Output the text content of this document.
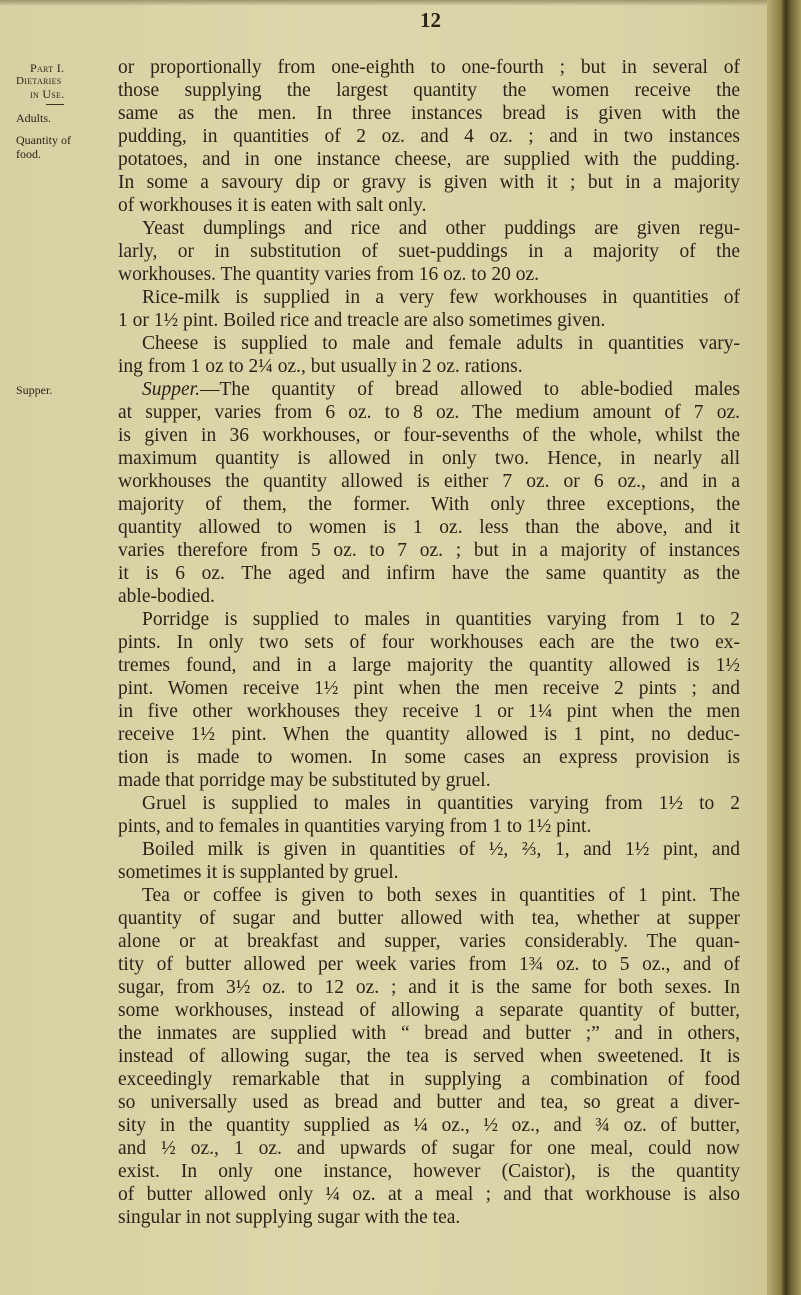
12
Part I.
Dietaries
in Use.
Adults.
Quantity of
food.
Supper.
or proportionally from one-eighth to one-fourth ; but in several of
those supplying the largest quantity the women receive the
same as the men. In three instances bread is given with the
pudding, in quantities of 2 oz. and 4 oz. ; and in two instances
potatoes, and in one instance cheese, are supplied with the pudding.
In some a savoury dip or gravy is given with it ; but in a majority
of workhouses it is eaten with salt only.
Yeast dumplings and rice and other puddings are given regu-
larly, or in substitution of suet-puddings in a majority of the
workhouses. The quantity varies from 16 oz. to 20 oz.
Rice-milk is supplied in a very few workhouses in quantities of
1 or 1½ pint. Boiled rice and treacle are also sometimes given.
Cheese is supplied to male and female adults in quantities vary-
ing from 1 oz to 2¼ oz., but usually in 2 oz. rations.
Supper.—The quantity of bread allowed to able-bodied males
at supper, varies from 6 oz. to 8 oz. The medium amount of 7 oz.
is given in 36 workhouses, or four-sevenths of the whole, whilst the
maximum quantity is allowed in only two. Hence, in nearly all
workhouses the quantity allowed is either 7 oz. or 6 oz., and in a
majority of them, the former. With only three exceptions, the
quantity allowed to women is 1 oz. less than the above, and it
varies therefore from 5 oz. to 7 oz. ; but in a majority of instances
it is 6 oz. The aged and infirm have the same quantity as the
able-bodied.
Porridge is supplied to males in quantities varying from 1 to 2
pints. In only two sets of four workhouses each are the two ex-
tremes found, and in a large majority the quantity allowed is 1½
pint. Women receive 1½ pint when the men receive 2 pints ; and
in five other workhouses they receive 1 or 1¼ pint when the men
receive 1½ pint. When the quantity allowed is 1 pint, no deduc-
tion is made to women. In some cases an express provision is
made that porridge may be substituted by gruel.
Gruel is supplied to males in quantities varying from 1½ to 2
pints, and to females in quantities varying from 1 to 1½ pint.
Boiled milk is given in quantities of ½, ⅔, 1, and 1½ pint, and
sometimes it is supplanted by gruel.
Tea or coffee is given to both sexes in quantities of 1 pint. The
quantity of sugar and butter allowed with tea, whether at supper
alone or at breakfast and supper, varies considerably. The quan-
tity of butter allowed per week varies from 1¾ oz. to 5 oz., and of
sugar, from 3½ oz. to 12 oz. ; and it is the same for both sexes. In
some workhouses, instead of allowing a separate quantity of butter,
the inmates are supplied with “ bread and butter ;” and in others,
instead of allowing sugar, the tea is served when sweetened. It is
exceedingly remarkable that in supplying a combination of food
so universally used as bread and butter and tea, so great a diver-
sity in the quantity supplied as ¼ oz., ½ oz., and ¾ oz. of butter,
and ½ oz., 1 oz. and upwards of sugar for one meal, could now
exist. In only one instance, however (Caistor), is the quantity
of butter allowed only ¼ oz. at a meal ; and that workhouse is also
singular in not supplying sugar with the tea.
